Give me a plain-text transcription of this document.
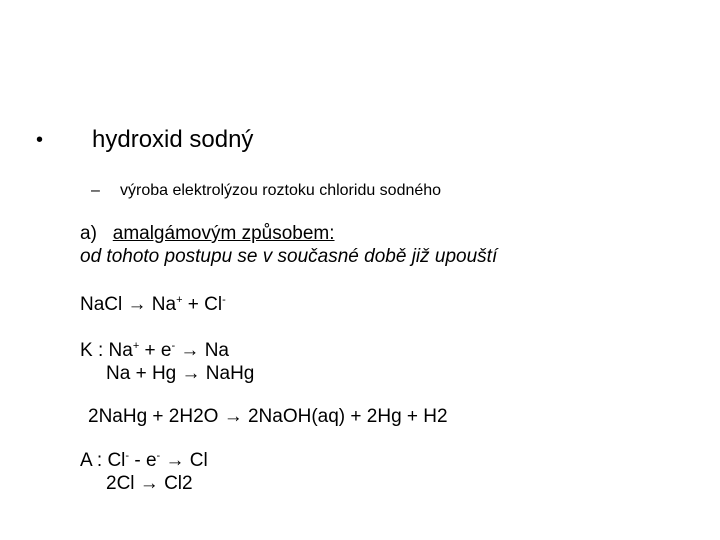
• hydroxid sodný
– výroba elektrolýzou roztoku chloridu sodného
a) amalgámovým způsobem:
od tohoto postupu se v současné době již upouští
NaCl → Na+ + Cl-
K : Na+ + e- → Na
Na + Hg → NaHg
2NaHg + 2H2O → 2NaOH(aq) + 2Hg + H2
A : Cl- - e- → Cl
2Cl → Cl2
